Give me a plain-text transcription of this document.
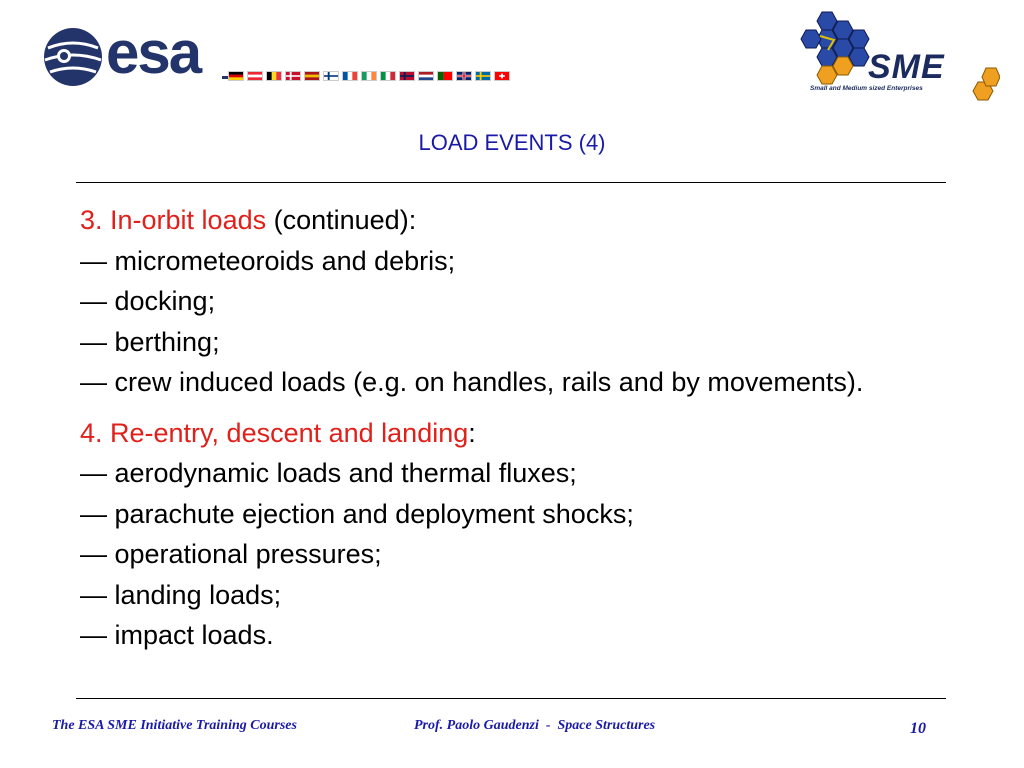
esa	SME
Small and Medium sized Enterprises
LOAD EVENTS (4)

3. In-orbit loads (continued):

— micrometeoroids and debris;

— docking;

— berthing;

— crew induced loads (e.g. on handles, rails and by movements).

4. Re-entry, descent and landing:

— aerodynamic loads and thermal fluxes;

— parachute ejection and deployment shocks;

— operational pressures;

— landing loads;

— impact loads.

The ESA SME Initiative Training Courses	Prof. Paolo Gaudenzi  -  Space Structures	10
